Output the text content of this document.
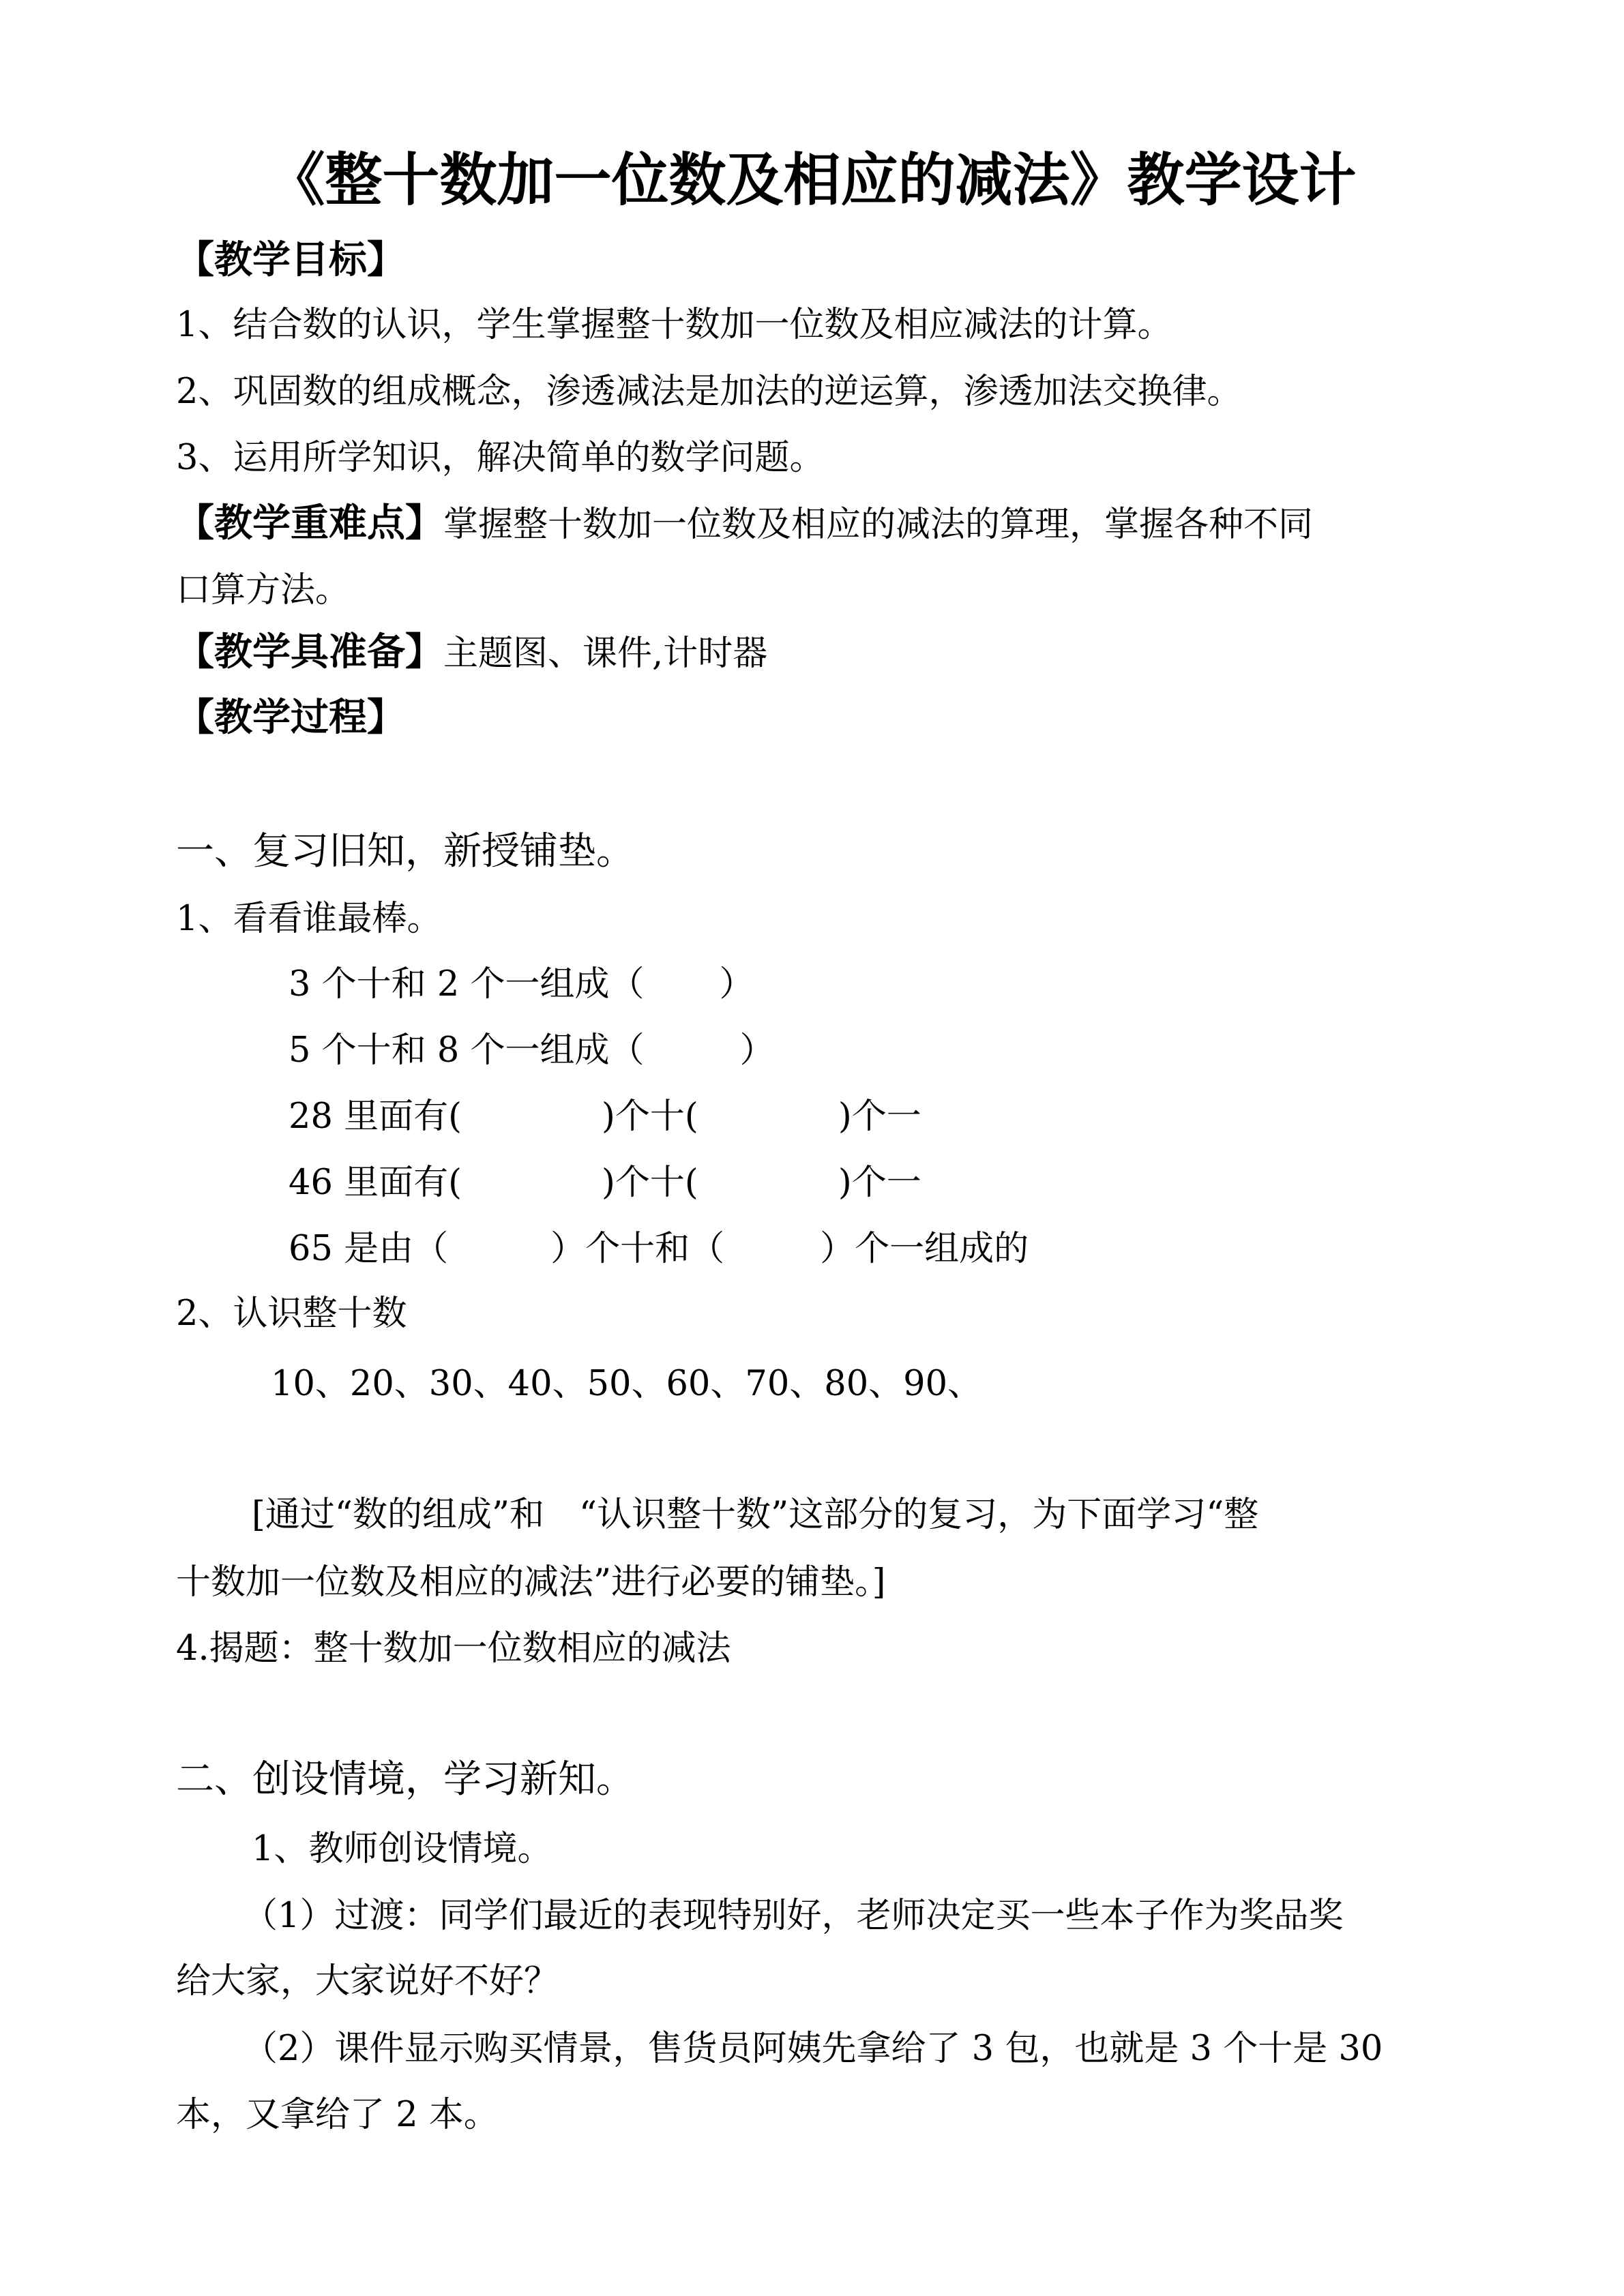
《整十数加一位数及相应的减法》教学设计
【教学目标】
1、结合数的认识，学生掌握整十数加一位数及相应减法的计算。
2、巩固数的组成概念，渗透减法是加法的逆运算，渗透加法交换律。
3、运用所学知识，解决简单的数学问题。
【教学重难点】掌握整十数加一位数及相应的减法的算理，掌握各种不同
口算方法。
【教学具准备】主题图、课件,计时器
【教学过程】
一、复习旧知，新授铺垫。
1、看看谁最棒。
3 个十和 2 个一组成（ ）
5 个十和 8 个一组成（	）
28 里面有(	)个十(	)个一
46 里面有(	)个十(	)个一
65 是由（	）个十和（	）个一组成的
2、认识整十数
10、20、30、40、50、60、70、80、90、
[通过“数的组成”和　“认识整十数”这部分的复习，为下面学习“整
十数加一位数及相应的减法”进行必要的铺垫。]
4.揭题：整十数加一位数相应的减法
二、创设情境，学习新知。
1、教师创设情境。
（1）过渡：同学们最近的表现特别好，老师决定买一些本子作为奖品奖
给大家，大家说好不好？
（2）课件显示购买情景，售货员阿姨先拿给了 3 包，也就是 3 个十是 30
本，又拿给了 2 本。
